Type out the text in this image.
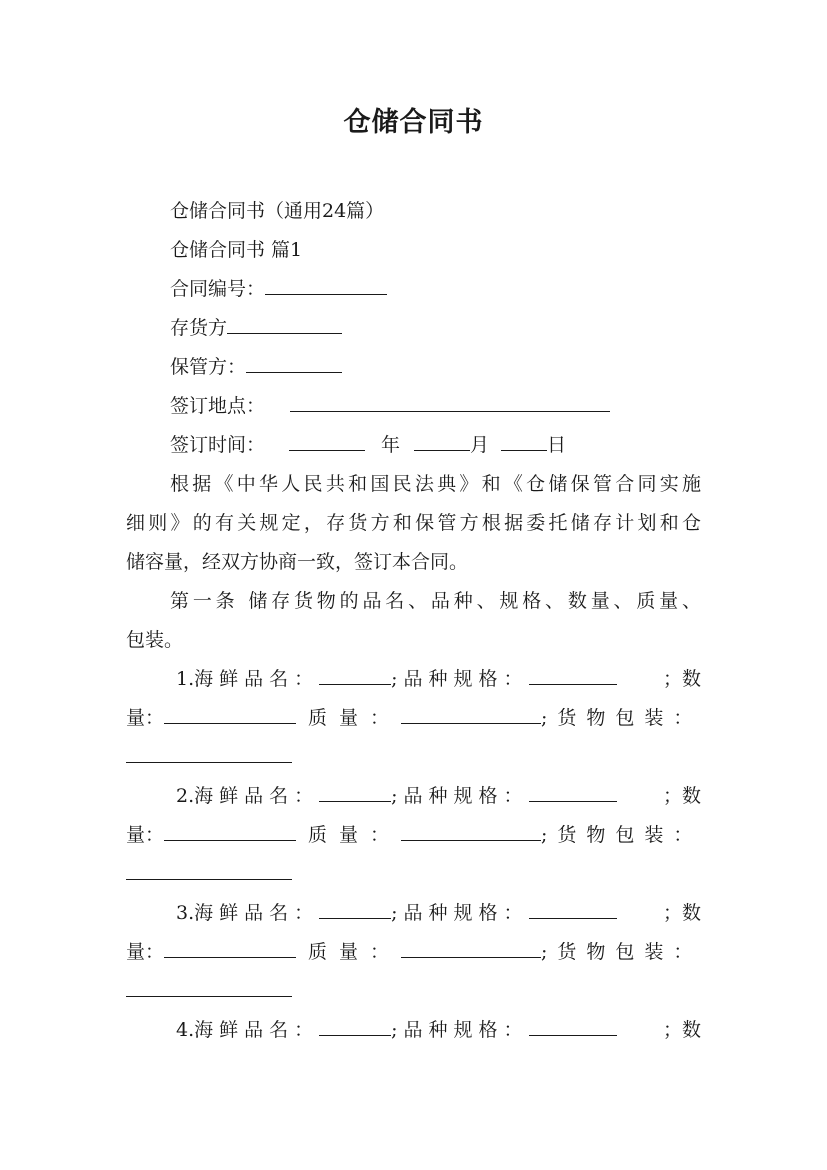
仓储合同书
仓储合同书（通用24篇）
仓储合同书 篇1
合同编号：
存货方
保管方：
签订地点：
签订时间：	年	月	日
根据《中华人民共和国民法典》和《仓储保管合同实施
细则》的有关规定，存货方和保管方根据委托储存计划和仓
储容量，经双方协商一致，签订本合同。
第一条 储存货物的品名、品种、规格、数量、质量、
包装。
1.海鲜品名：	;品种规格：	；数
量：	质量：	;货物包装：
2.海鲜品名：	;品种规格：	；数
量：	质量：	;货物包装：
3.海鲜品名：	;品种规格：	；数
量：	质量：	;货物包装：
4.海鲜品名：	;品种规格：	；数
